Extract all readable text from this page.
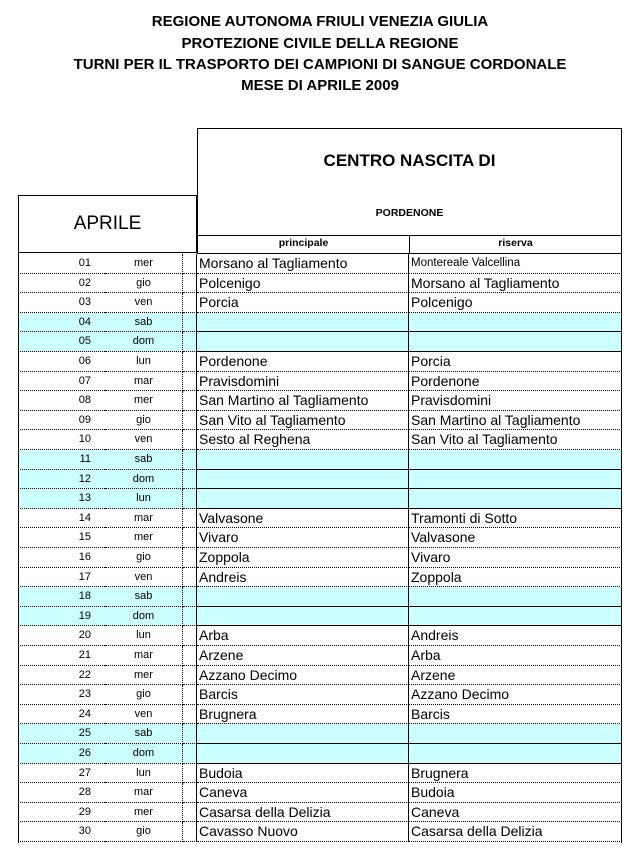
REGIONE AUTONOMA FRIULI VENEZIA GIULIA
PROTEZIONE CIVILE DELLA REGIONE
TURNI PER IL TRASPORTO DEI CAMPIONI DI SANGUE CORDONALE
MESE DI APRILE 2009
CENTRO NASCITA DI
PORDENONE
APRILE
principale	riserva
01	mer	Morsano al Tagliamento	Montereale Valcellina
02	gio	Polcenigo	Morsano al Tagliamento
03	ven	Porcia	Polcenigo
04	sab
05	dom
06	lun	Pordenone	Porcia
07	mar	Pravisdomini	Pordenone
08	mer	San Martino al Tagliamento	Pravisdomini
09	gio	San Vito al Tagliamento	San Martino al Tagliamento
10	ven	Sesto al Reghena	San Vito al Tagliamento
11	sab
12	dom
13	lun
14	mar	Valvasone	Tramonti di Sotto
15	mer	Vivaro	Valvasone
16	gio	Zoppola	Vivaro
17	ven	Andreis	Zoppola
18	sab
19	dom
20	lun	Arba	Andreis
21	mar	Arzene	Arba
22	mer	Azzano Decimo	Arzene
23	gio	Barcis	Azzano Decimo
24	ven	Brugnera	Barcis
25	sab
26	dom
27	lun	Budoia	Brugnera
28	mar	Caneva	Budoia
29	mer	Casarsa della Delizia	Caneva
30	gio	Cavasso Nuovo	Casarsa della Delizia
